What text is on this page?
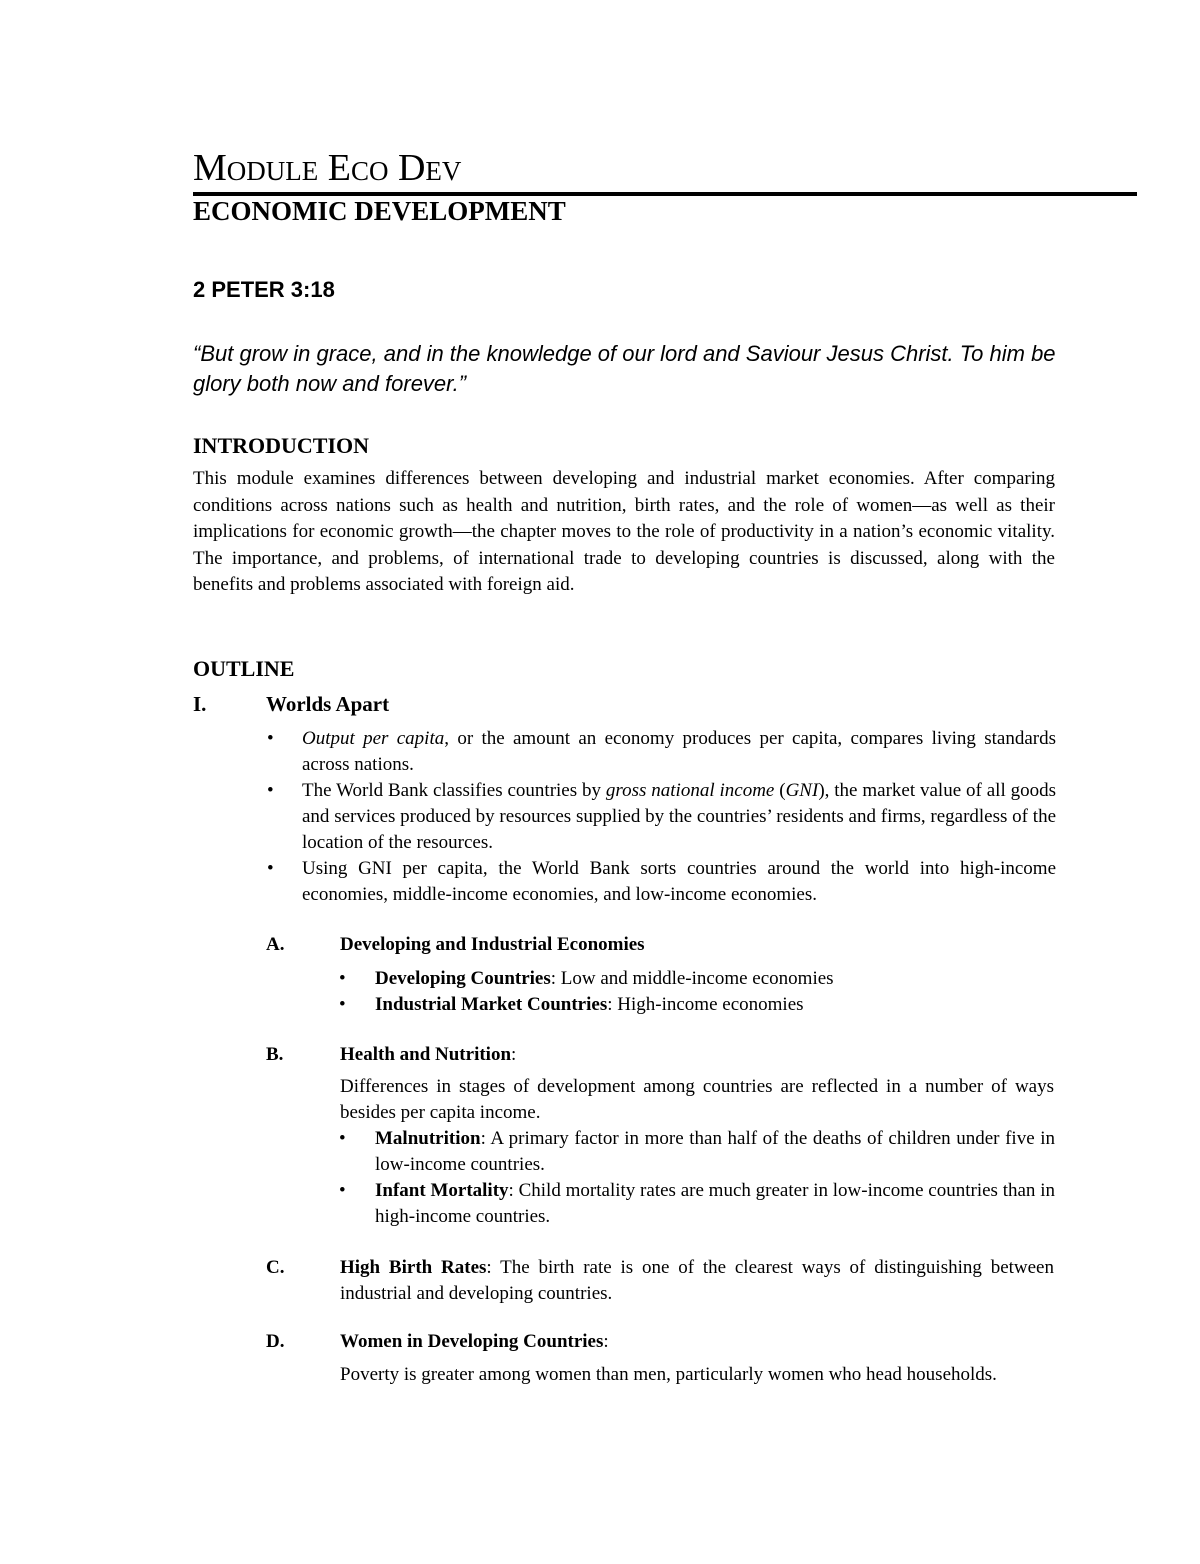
Module Eco Dev
ECONOMIC DEVELOPMENT
2 PETER 3:18
“But grow in grace, and in the knowledge of our lord and Saviour Jesus Christ. To him be glory both now and forever.”
INTRODUCTION
This module examines differences between developing and industrial market economies. After comparing conditions across nations such as health and nutrition, birth rates, and the role of women—as well as their implications for economic growth—the chapter moves to the role of productivity in a nation’s economic vitality. The importance, and problems, of international trade to developing countries is discussed, along with the benefits and problems associated with foreign aid.
OUTLINE
I.	Worlds Apart
• Output per capita, or the amount an economy produces per capita, compares living standards across nations.
• The World Bank classifies countries by gross national income (GNI), the market value of all goods and services produced by resources supplied by the countries’ residents and firms, regardless of the location of the resources.
• Using GNI per capita, the World Bank sorts countries around the world into high-income economies, middle-income economies, and low-income economies.
A.	Developing and Industrial Economies
• Developing Countries: Low and middle-income economies
• Industrial Market Countries: High-income economies
B.	Health and Nutrition:
Differences in stages of development among countries are reflected in a number of ways besides per capita income.
• Malnutrition: A primary factor in more than half of the deaths of children under five in low-income countries.
• Infant Mortality: Child mortality rates are much greater in low-income countries than in high-income countries.
C.	High Birth Rates: The birth rate is one of the clearest ways of distinguishing between industrial and developing countries.
D.	Women in Developing Countries:
Poverty is greater among women than men, particularly women who head households.
